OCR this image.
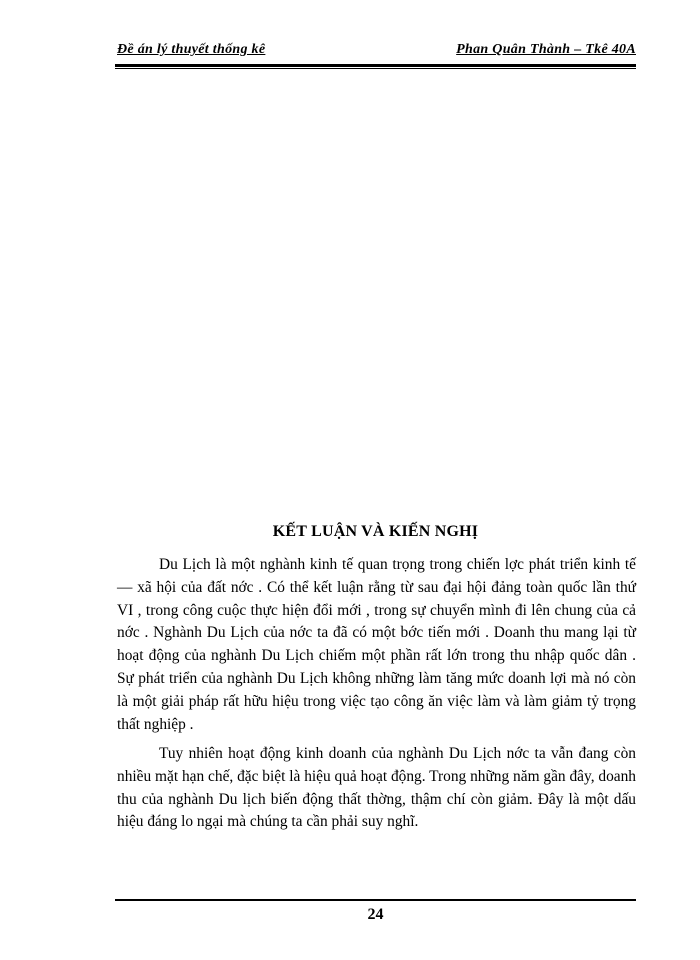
Đề án lý thuyết thống kê	Phan Quân Thành – Tkê 40A
KẾT LUẬN VÀ KIẾN NGHỊ

Du Lịch là một nghành kinh tế quan trọng trong chiến lợc phát triển kinh tế — xã hội của đất nớc . Có thể kết luận rằng từ sau đại hội đảng toàn quốc lần thứ VI , trong công cuộc thực hiện đổi mới , trong sự chuyển mình đi lên chung của cả nớc . Nghành Du Lịch của nớc ta đã có một bớc tiến mới . Doanh thu mang lại từ hoạt động của nghành Du Lịch chiếm một phần rất lớn trong thu nhập quốc dân . Sự phát triển của nghành Du Lịch không những làm tăng mức doanh lợi mà nó còn là một giải pháp rất hữu hiệu trong việc tạo công ăn việc làm và làm giảm tỷ trọng thất nghiệp .

Tuy nhiên hoạt động kinh doanh của nghành Du Lịch nớc ta vẫn đang còn nhiều mặt hạn chế, đặc biệt là hiệu quả hoạt động. Trong những năm gần đây, doanh thu của nghành Du lịch biến động thất thờng, thậm chí còn giảm. Đây là một dấu hiệu đáng lo ngại mà chúng ta cần phải suy nghĩ.

24
